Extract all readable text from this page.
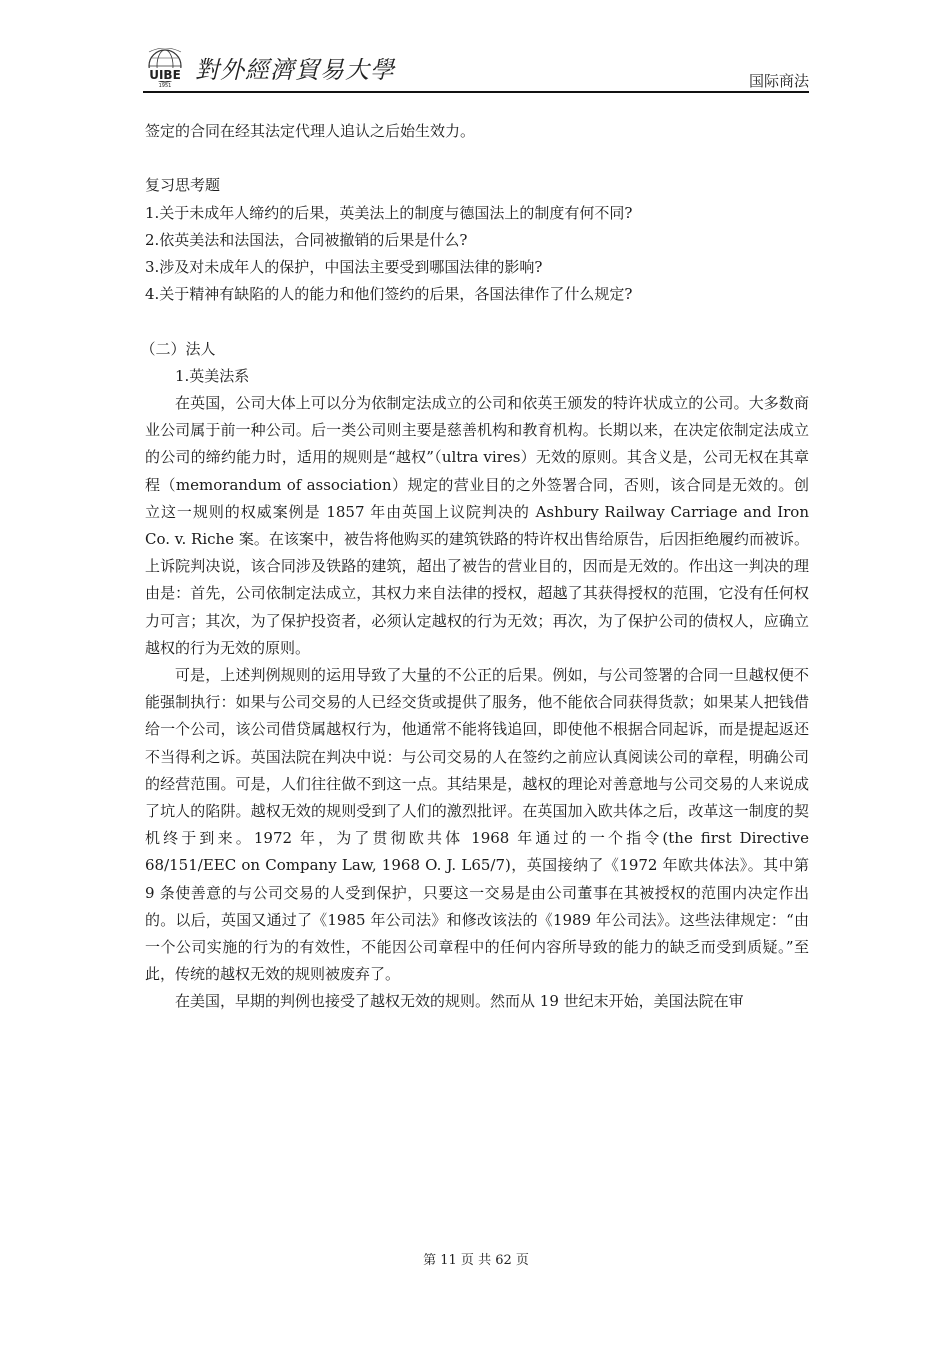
UIBE
1951
對外經濟貿易大學	国际商法

签定的合同在经其法定代理人追认之后始生效力。

复习思考题

1.关于未成年人缔约的后果，英美法上的制度与德国法上的制度有何不同?

2.依英美法和法国法，合同被撤销的后果是什么?

3.涉及对未成年人的保护，中国法主要受到哪国法律的影响?

4.关于精神有缺陷的人的能力和他们签约的后果，各国法律作了什么规定?

（二）法人

1.英美法系

在英国，公司大体上可以分为依制定法成立的公司和依英王颁发的特许状成立的公司。大多数商业公司属于前一种公司。后一类公司则主要是慈善机构和教育机构。长期以来，在决定依制定法成立的公司的缔约能力时，适用的规则是“越权”（ultra vires）无效的原则。其含义是，公司无权在其章程（memorandum of association）规定的营业目的之外签署合同，否则，该合同是无效的。创立这一规则的权威案例是 1857 年由英国上议院判决的 Ashbury Railway Carriage and Iron Co. v. Riche 案。在该案中，被告将他购买的建筑铁路的特许权出售给原告，后因拒绝履约而被诉。上诉院判决说，该合同涉及铁路的建筑，超出了被告的营业目的，因而是无效的。作出这一判决的理由是：首先，公司依制定法成立，其权力来自法律的授权，超越了其获得授权的范围，它没有任何权力可言；其次，为了保护投资者，必须认定越权的行为无效；再次，为了保护公司的债权人，应确立越权的行为无效的原则。

可是，上述判例规则的运用导致了大量的不公正的后果。例如，与公司签署的合同一旦越权便不能强制执行：如果与公司交易的人已经交货或提供了服务，他不能依合同获得货款；如果某人把钱借给一个公司，该公司借贷属越权行为，他通常不能将钱追回，即使他不根据合同起诉，而是提起返还不当得利之诉。英国法院在判决中说：与公司交易的人在签约之前应认真阅读公司的章程，明确公司的经营范围。可是，人们往往做不到这一点。其结果是，越权的理论对善意地与公司交易的人来说成了坑人的陷阱。越权无效的规则受到了人们的激烈批评。在英国加入欧共体之后，改革这一制度的契机终于到来。1972 年，为了贯彻欧共体 1968 年通过的一个指令(the first Directive 68/151/EEC on Company Law, 1968 O. J. L65/7)，英国接纳了《1972 年欧共体法》。其中第 9 条使善意的与公司交易的人受到保护，只要这一交易是由公司董事在其被授权的范围内决定作出的。以后，英国又通过了《1985 年公司法》和修改该法的《1989 年公司法》。这些法律规定：“由一个公司实施的行为的有效性，不能因公司章程中的任何内容所导致的能力的缺乏而受到质疑。”至此，传统的越权无效的规则被废弃了。

在美国，早期的判例也接受了越权无效的规则。然而从 19 世纪末开始，美国法院在审

第 11 页 共 62 页
